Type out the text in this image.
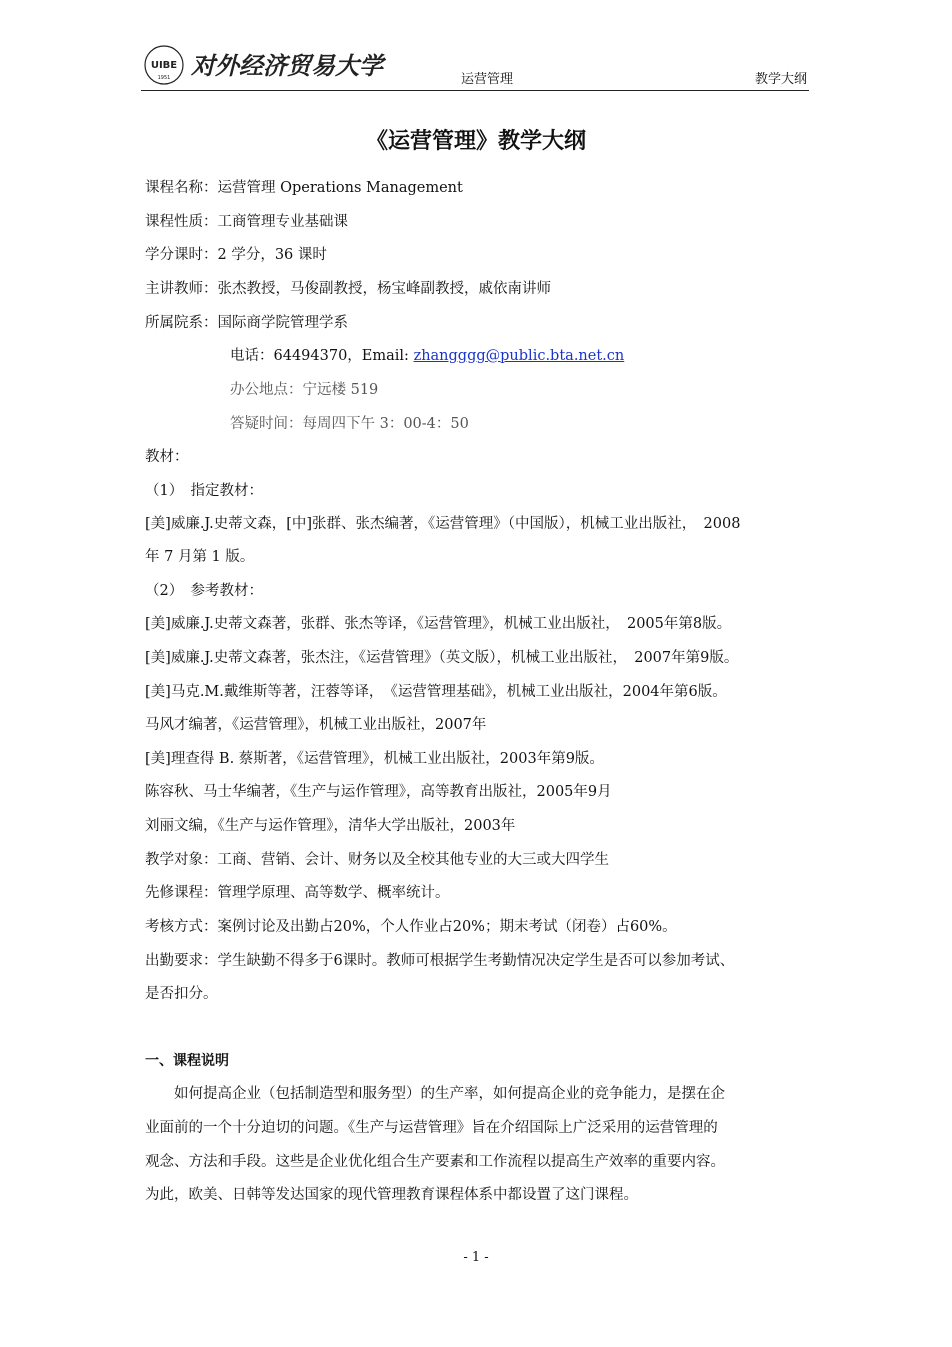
UIBE
1951 对外经济贸易大学	运营管理	教学大纲
《运营管理》教学大纲
课程名称：运营管理 Operations Management
课程性质：工商管理专业基础课
学分课时：2 学分，36 课时
主讲教师：张杰教授，马俊副教授，杨宝峰副教授，戚依南讲师
所属院系：国际商学院管理学系
电话：64494370，Email: zhangggg@public.bta.net.cn
办公地点：宁远楼 519
答疑时间：每周四下午 3：00-4：50
教材：
（1）　指定教材：
[美]威廉.J.史蒂文森，[中]张群、张杰编著，《运营管理》（中国版），机械工业出版社，　2008
年 7 月第 1 版。
（2）　参考教材：
[美]威廉.J.史蒂文森著，张群、张杰等译，《运营管理》，机械工业出版社，　2005年第8版。
[美]威廉.J.史蒂文森著，张杰注，《运营管理》（英文版），机械工业出版社，　2007年第9版。
[美]马克.M.戴维斯等著，汪蓉等译，　《运营管理基础》，机械工业出版社，2004年第6版。
马风才编著，《运营管理》，机械工业出版社，2007年
[美]理查得 B. 蔡斯著，《运营管理》，机械工业出版社，2003年第9版。
陈容秋、马士华编著，《生产与运作管理》，高等教育出版社，2005年9月
刘丽文编，《生产与运作管理》，清华大学出版社，2003年
教学对象：工商、营销、会计、财务以及全校其他专业的大三或大四学生
先修课程：管理学原理、高等数学、概率统计。
考核方式：案例讨论及出勤占20%，个人作业占20%；期末考试（闭卷）占60%。
出勤要求：学生缺勤不得多于6课时。教师可根据学生考勤情况决定学生是否可以参加考试、
是否扣分。
一、课程说明
　　如何提高企业（包括制造型和服务型）的生产率，如何提高企业的竞争能力，是摆在企
业面前的一个十分迫切的问题。《生产与运营管理》旨在介绍国际上广泛采用的运营管理的
观念、方法和手段。这些是企业优化组合生产要素和工作流程以提高生产效率的重要内容。
为此，欧美、日韩等发达国家的现代管理教育课程体系中都设置了这门课程。
- 1 -
